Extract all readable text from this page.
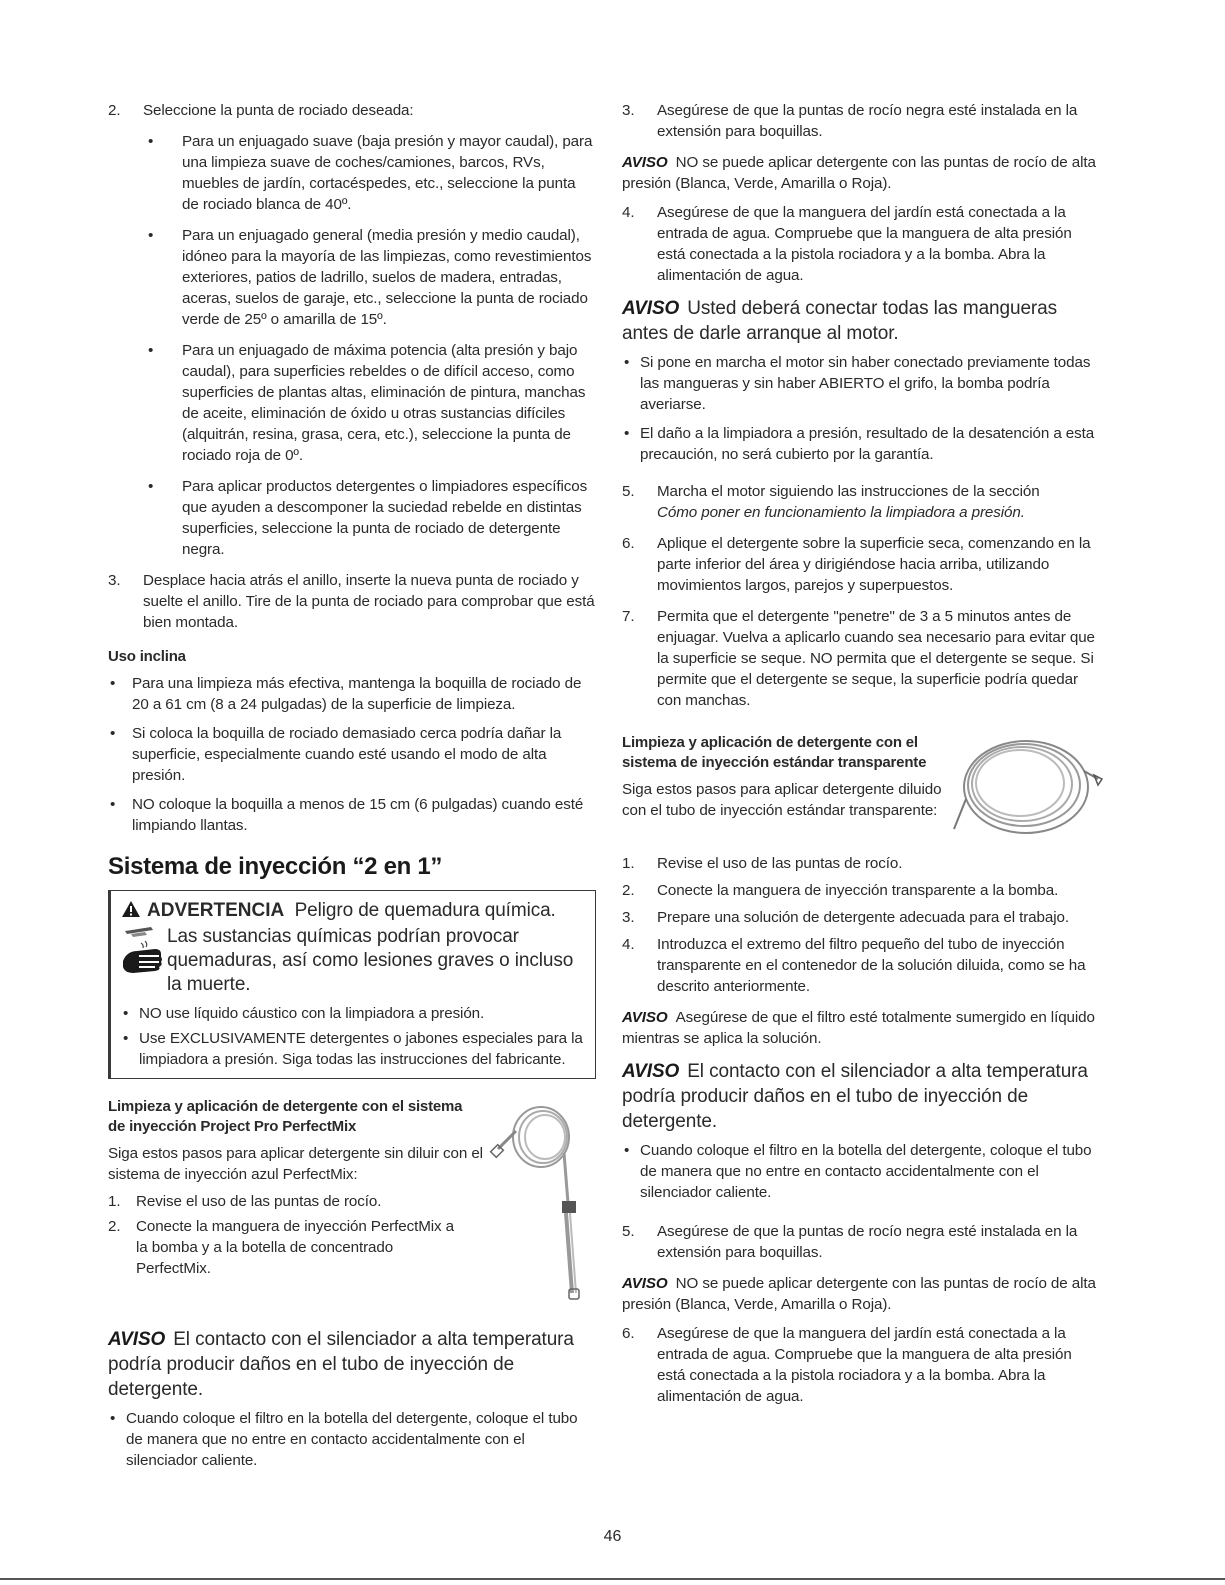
2.	Seleccione la punta de rociado deseada:
•	Para un enjuagado suave (baja presión y mayor caudal), para una limpieza suave de coches/camiones, barcos, RVs, muebles de jardín, cortacéspedes, etc., seleccione la punta de rociado blanca de 40º.
•	Para un enjuagado general (media presión y medio caudal), idóneo para la mayoría de las limpiezas, como revestimientos exteriores, patios de ladrillo, suelos de madera, entradas, aceras, suelos de garaje, etc., seleccione la punta de rociado verde de 25º o amarilla de 15º.
•	Para un enjuagado de máxima potencia (alta presión y bajo caudal), para superficies rebeldes o de difícil acceso, como superficies de plantas altas, eliminación de pintura, manchas de aceite, eliminación de óxido u otras sustancias difíciles (alquitrán, resina, grasa, cera, etc.), seleccione la punta de rociado roja de 0º.
•	Para aplicar productos detergentes o limpiadores específicos que ayuden a descomponer la suciedad rebelde en distintas superficies, seleccione la punta de rociado de detergente negra.
3.	Desplace hacia atrás el anillo, inserte la nueva punta de rociado y suelte el anillo. Tire de la punta de rociado para comprobar que está bien montada.
Uso inclina
•	Para una limpieza más efectiva, mantenga la boquilla de rociado de 20 a 61 cm (8 a 24 pulgadas) de la superficie de limpieza.
•	Si coloca la boquilla de rociado demasiado cerca podría dañar la superficie, especialmente cuando esté usando el modo de alta presión.
•	NO coloque la boquilla a menos de 15 cm (6 pulgadas) cuando esté limpiando llantas.
Sistema de inyección “2 en 1”
ADVERTENCIA Peligro de quemadura química.
Las sustancias químicas podrían provocar quemaduras, así como lesiones graves o incluso la muerte.
• NO use líquido cáustico con la limpiadora a presión.
• Use EXCLUSIVAMENTE detergentes o jabones especiales para la limpiadora a presión. Siga todas las instrucciones del fabricante.
Limpieza y aplicación de detergente con el sistema de inyección Project Pro PerfectMix

Siga estos pasos para aplicar detergente sin diluir con el sistema de inyección azul PerfectMix:

1.	Revise el uso de las puntas de rocío.
2.	Conecte la manguera de inyección PerfectMix a la bomba y a la botella de concentrado PerfectMix.
AVISO El contacto con el silenciador a alta temperatura podría producir daños en el tubo de inyección de detergente.
• Cuando coloque el filtro en la botella del detergente, coloque el tubo de manera que no entre en contacto accidentalmente con el silenciador caliente.
3.	Asegúrese de que la puntas de rocío negra esté instalada en la extensión para boquillas.
AVISO NO se puede aplicar detergente con las puntas de rocío de alta presión (Blanca, Verde, Amarilla o Roja).
4.	Asegúrese de que la manguera del jardín está conectada a la entrada de agua. Compruebe que la manguera de alta presión está conectada a la pistola rociadora y a la bomba. Abra la alimentación de agua.
AVISO Usted deberá conectar todas las mangueras antes de darle arranque al motor.
• Si pone en marcha el motor sin haber conectado previamente todas las mangueras y sin haber ABIERTO el grifo, la bomba podría averiarse.
• El daño a la limpiadora a presión, resultado de la desatención a esta precaución, no será cubierto por la garantía.
5.	Marcha el motor siguiendo las instrucciones de la sección
Cómo poner en funcionamiento la limpiadora a presión.
6.	Aplique el detergente sobre la superficie seca, comenzando en la parte inferior del área y dirigiéndose hacia arriba, utilizando movimientos largos, parejos y superpuestos.
7.	Permita que el detergente "penetre" de 3 a 5 minutos antes de enjuagar. Vuelva a aplicarlo cuando sea necesario para evitar que la superficie se seque. NO permita que el detergente se seque. Si permite que el detergente se seque, la superficie podría quedar con manchas.
Limpieza y aplicación de detergente con el sistema de inyección estándar transparente

Siga estos pasos para aplicar detergente diluido con el tubo de inyección estándar transparente:

1.	Revise el uso de las puntas de rocío.
2.	Conecte la manguera de inyección transparente a la bomba.
3.	Prepare una solución de detergente adecuada para el trabajo.
4.	Introduzca el extremo del filtro pequeño del tubo de inyección transparente en el contenedor de la solución diluida, como se ha descrito anteriormente.
AVISO Asegúrese de que el filtro esté totalmente sumergido en líquido mientras se aplica la solución.
AVISO El contacto con el silenciador a alta temperatura podría producir daños en el tubo de inyección de detergente.
• Cuando coloque el filtro en la botella del detergente, coloque el tubo de manera que no entre en contacto accidentalmente con el silenciador caliente.
5.	Asegúrese de que la puntas de rocío negra esté instalada en la extensión para boquillas.
AVISO NO se puede aplicar detergente con las puntas de rocío de alta presión (Blanca, Verde, Amarilla o Roja).
6.	Asegúrese de que la manguera del jardín está conectada a la entrada de agua. Compruebe que la manguera de alta presión está conectada a la pistola rociadora y a la bomba. Abra la alimentación de agua.
46
